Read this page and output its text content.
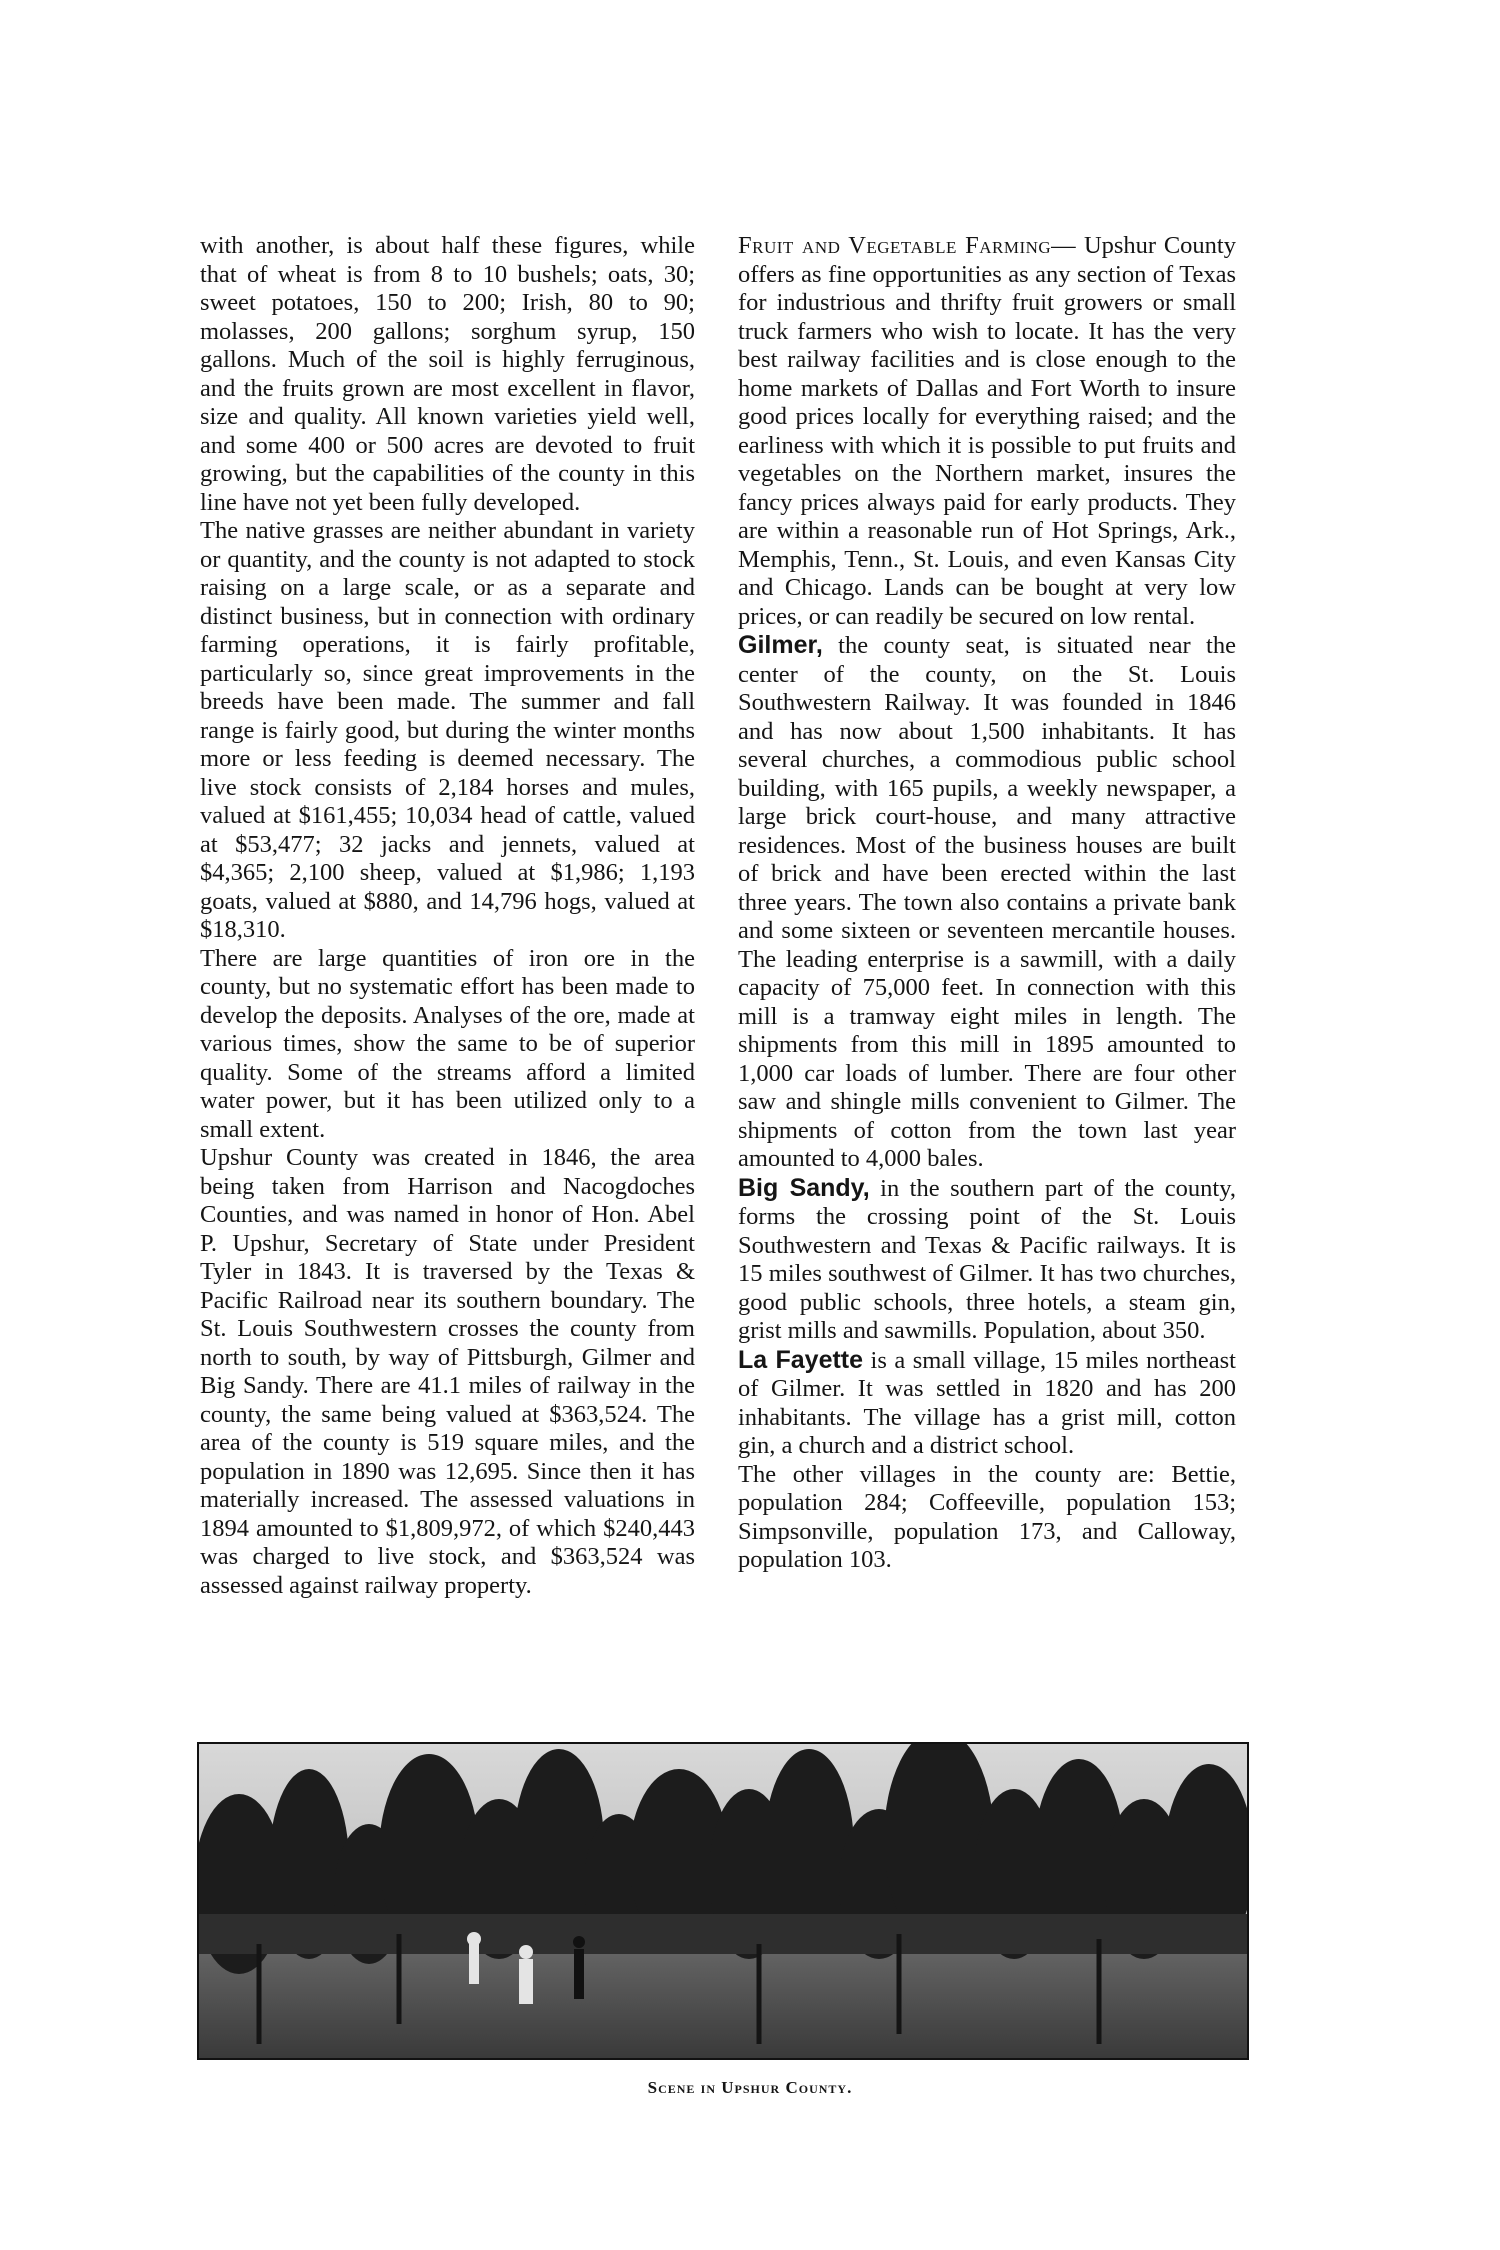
with another, is about half these figures, while that of wheat is from 8 to 10 bushels; oats, 30; sweet potatoes, 150 to 200; Irish, 80 to 90; molasses, 200 gallons; sorghum syrup, 150 gallons. Much of the soil is highly ferruginous, and the fruits grown are most excellent in flavor, size and quality. All known varieties yield well, and some 400 or 500 acres are devoted to fruit growing, but the capabilities of the county in this line have not yet been fully developed.

The native grasses are neither abundant in variety or quantity, and the county is not adapted to stock raising on a large scale, or as a separate and distinct business, but in connection with ordinary farming operations, it is fairly profitable, particularly so, since great improvements in the breeds have been made. The summer and fall range is fairly good, but during the winter months more or less feeding is deemed necessary. The live stock consists of 2,184 horses and mules, valued at $161,455; 10,034 head of cattle, valued at $53,477; 32 jacks and jennets, valued at $4,365; 2,100 sheep, valued at $1,986; 1,193 goats, valued at $880, and 14,796 hogs, valued at $18,310.

There are large quantities of iron ore in the county, but no systematic effort has been made to develop the deposits. Analyses of the ore, made at various times, show the same to be of superior quality. Some of the streams afford a limited water power, but it has been utilized only to a small extent.

Upshur County was created in 1846, the area being taken from Harrison and Nacogdoches Counties, and was named in honor of Hon. Abel P. Upshur, Secretary of State under President Tyler in 1843. It is traversed by the Texas & Pacific Railroad near its southern boundary. The St. Louis Southwestern crosses the county from north to south, by way of Pittsburgh, Gilmer and Big Sandy. There are 41.1 miles of railway in the county, the same being valued at $363,524. The area of the county is 519 square miles, and the population in 1890 was 12,695. Since then it has materially increased. The assessed valuations in 1894 amounted to $1,809,972, of which $240,443 was charged to live stock, and $363,524 was assessed against railway property.

Fruit and Vegetable Farming— Upshur County offers as fine opportunities as any section of Texas for industrious and thrifty fruit growers or small truck farmers who wish to locate. It has the very best railway facilities and is close enough to the home markets of Dallas and Fort Worth to insure good prices locally for everything raised; and the earliness with which it is possible to put fruits and vegetables on the Northern market, insures the fancy prices always paid for early products. They are within a reasonable run of Hot Springs, Ark., Memphis, Tenn., St. Louis, and even Kansas City and Chicago. Lands can be bought at very low prices, or can readily be secured on low rental.

Gilmer, the county seat, is situated near the center of the county, on the St. Louis Southwestern Railway. It was founded in 1846 and has now about 1,500 inhabitants. It has several churches, a commodious public school building, with 165 pupils, a weekly newspaper, a large brick court-house, and many attractive residences. Most of the business houses are built of brick and have been erected within the last three years. The town also contains a private bank and some sixteen or seventeen mercantile houses. The leading enterprise is a sawmill, with a daily capacity of 75,000 feet. In connection with this mill is a tramway eight miles in length. The shipments from this mill in 1895 amounted to 1,000 car loads of lumber. There are four other saw and shingle mills convenient to Gilmer. The shipments of cotton from the town last year amounted to 4,000 bales.

Big Sandy, in the southern part of the county, forms the crossing point of the St. Louis Southwestern and Texas & Pacific railways. It is 15 miles southwest of Gilmer. It has two churches, good public schools, three hotels, a steam gin, grist mills and sawmills. Population, about 350.

La Fayette is a small village, 15 miles northeast of Gilmer. It was settled in 1820 and has 200 inhabitants. The village has a grist mill, cotton gin, a church and a district school.

The other villages in the county are: Bettie, population 284; Coffeeville, population 153; Simpsonville, population 173, and Calloway, population 103.

Scene in Upshur County.
